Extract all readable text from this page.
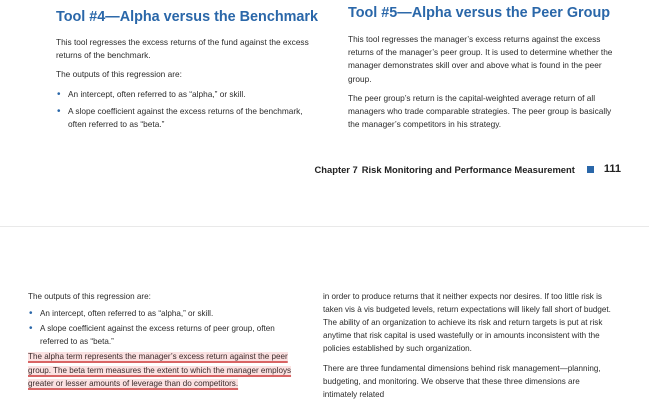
Tool #4—Alpha versus the Benchmark

This tool regresses the excess returns of the fund against the excess returns of the benchmark.

The outputs of this regression are:

• An intercept, often referred to as “alpha,” or skill.
• A slope coefficient against the excess returns of the benchmark, often referred to as “beta.”
Tool #5—Alpha versus the Peer Group

This tool regresses the manager’s excess returns against the excess returns of the manager’s peer group. It is used to determine whether the manager demonstrates skill over and above what is found in the peer group.

The peer group’s return is the capital-weighted average return of all managers who trade comparable strategies. The peer group is basically the manager’s competitors in his strategy.

Chapter 7 Risk Monitoring and Performance Measurement	111

The outputs of this regression are:

• An intercept, often referred to as “alpha,” or skill.
• A slope coefficient against the excess returns of peer group, often referred to as “beta.”

The alpha term represents the manager’s excess return against the peer group. The beta term measures the extent to which the manager employs greater or lesser amounts of leverage than do competitors.

in order to produce returns that it neither expects nor desires. If too little risk is taken vis à vis budgeted levels, return expectations will likely fall short of budget. The ability of an organization to achieve its risk and return targets is put at risk anytime that risk capital is used wastefully or in amounts inconsistent with the policies established by such organization.

There are three fundamental dimensions behind risk management—planning, budgeting, and monitoring. We observe that these three dimensions are intimately related
